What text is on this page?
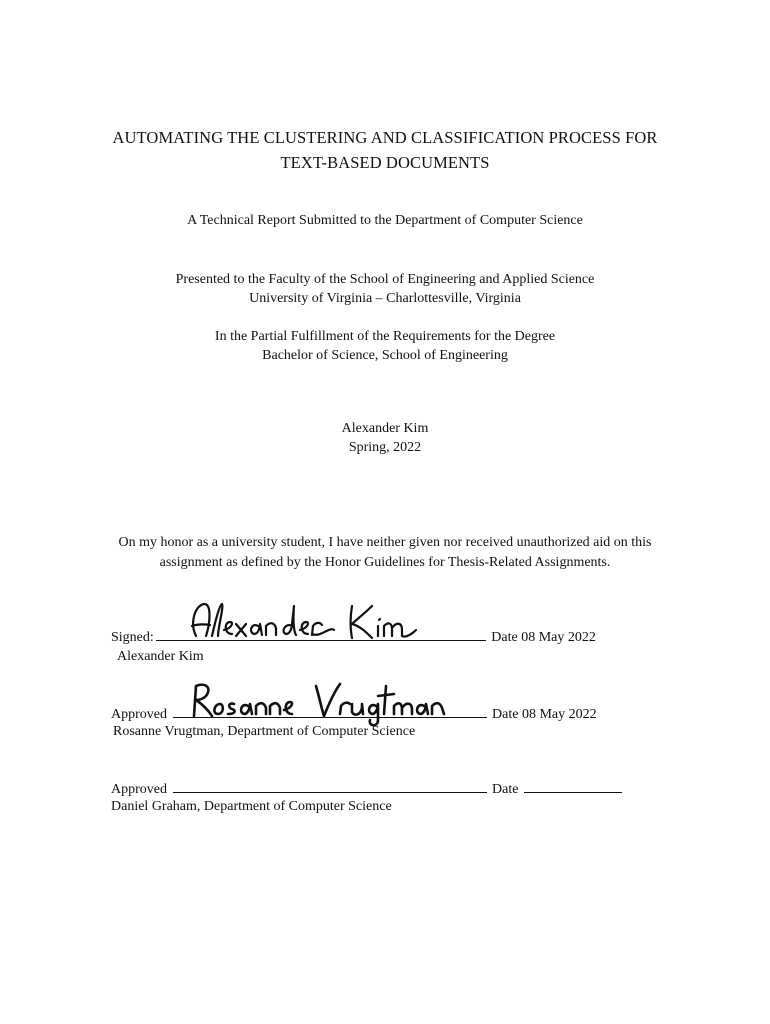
AUTOMATING THE CLUSTERING AND CLASSIFICATION PROCESS FOR
TEXT-BASED DOCUMENTS
A Technical Report Submitted to the Department of Computer Science
Presented to the Faculty of the School of Engineering and Applied Science
University of Virginia – Charlottesville, Virginia
In the Partial Fulfillment of the Requirements for the Degree
Bachelor of Science, School of Engineering
Alexander Kim
Spring, 2022
On my honor as a university student, I have neither given nor received unauthorized aid on this
assignment as defined by the Honor Guidelines for Thesis-Related Assignments.
Signed:	Date 08 May 2022
Alexander Kim
Approved	Date 08 May 2022
Rosanne Vrugtman, Department of Computer Science
Approved	Date
Daniel Graham, Department of Computer Science
